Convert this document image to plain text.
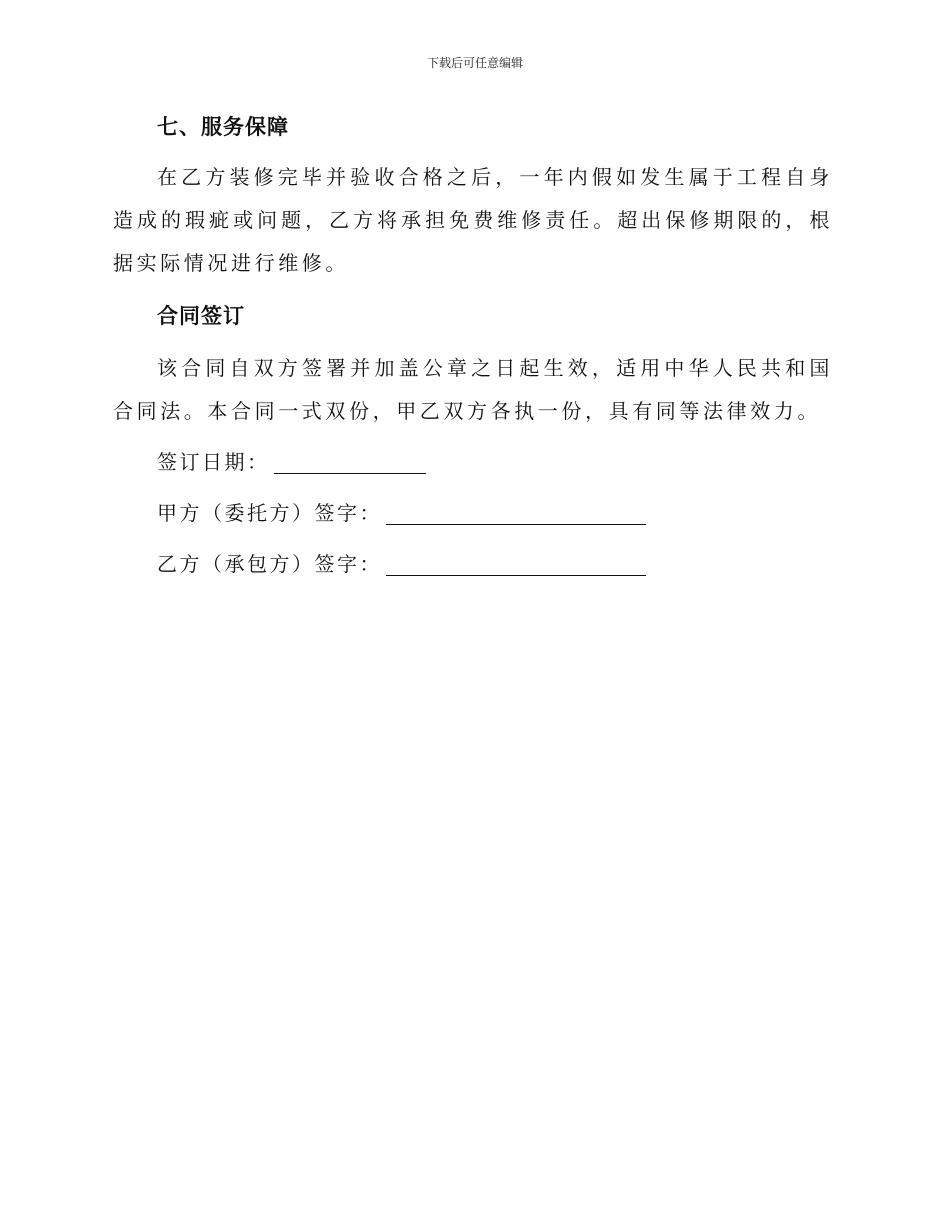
下载后可任意编辑
七、服务保障

在乙方装修完毕并验收合格之后，一年内假如发生属于工程自身造成的瑕疵或问题，乙方将承担免费维修责任。超出保修期限的，根据实际情况进行维修。

合同签订

该合同自双方签署并加盖公章之日起生效，适用中华人民共和国合同法。本合同一式双份，甲乙双方各执一份，具有同等法律效力。

签订日期：
甲方（委托方）签字：
乙方（承包方）签字：
